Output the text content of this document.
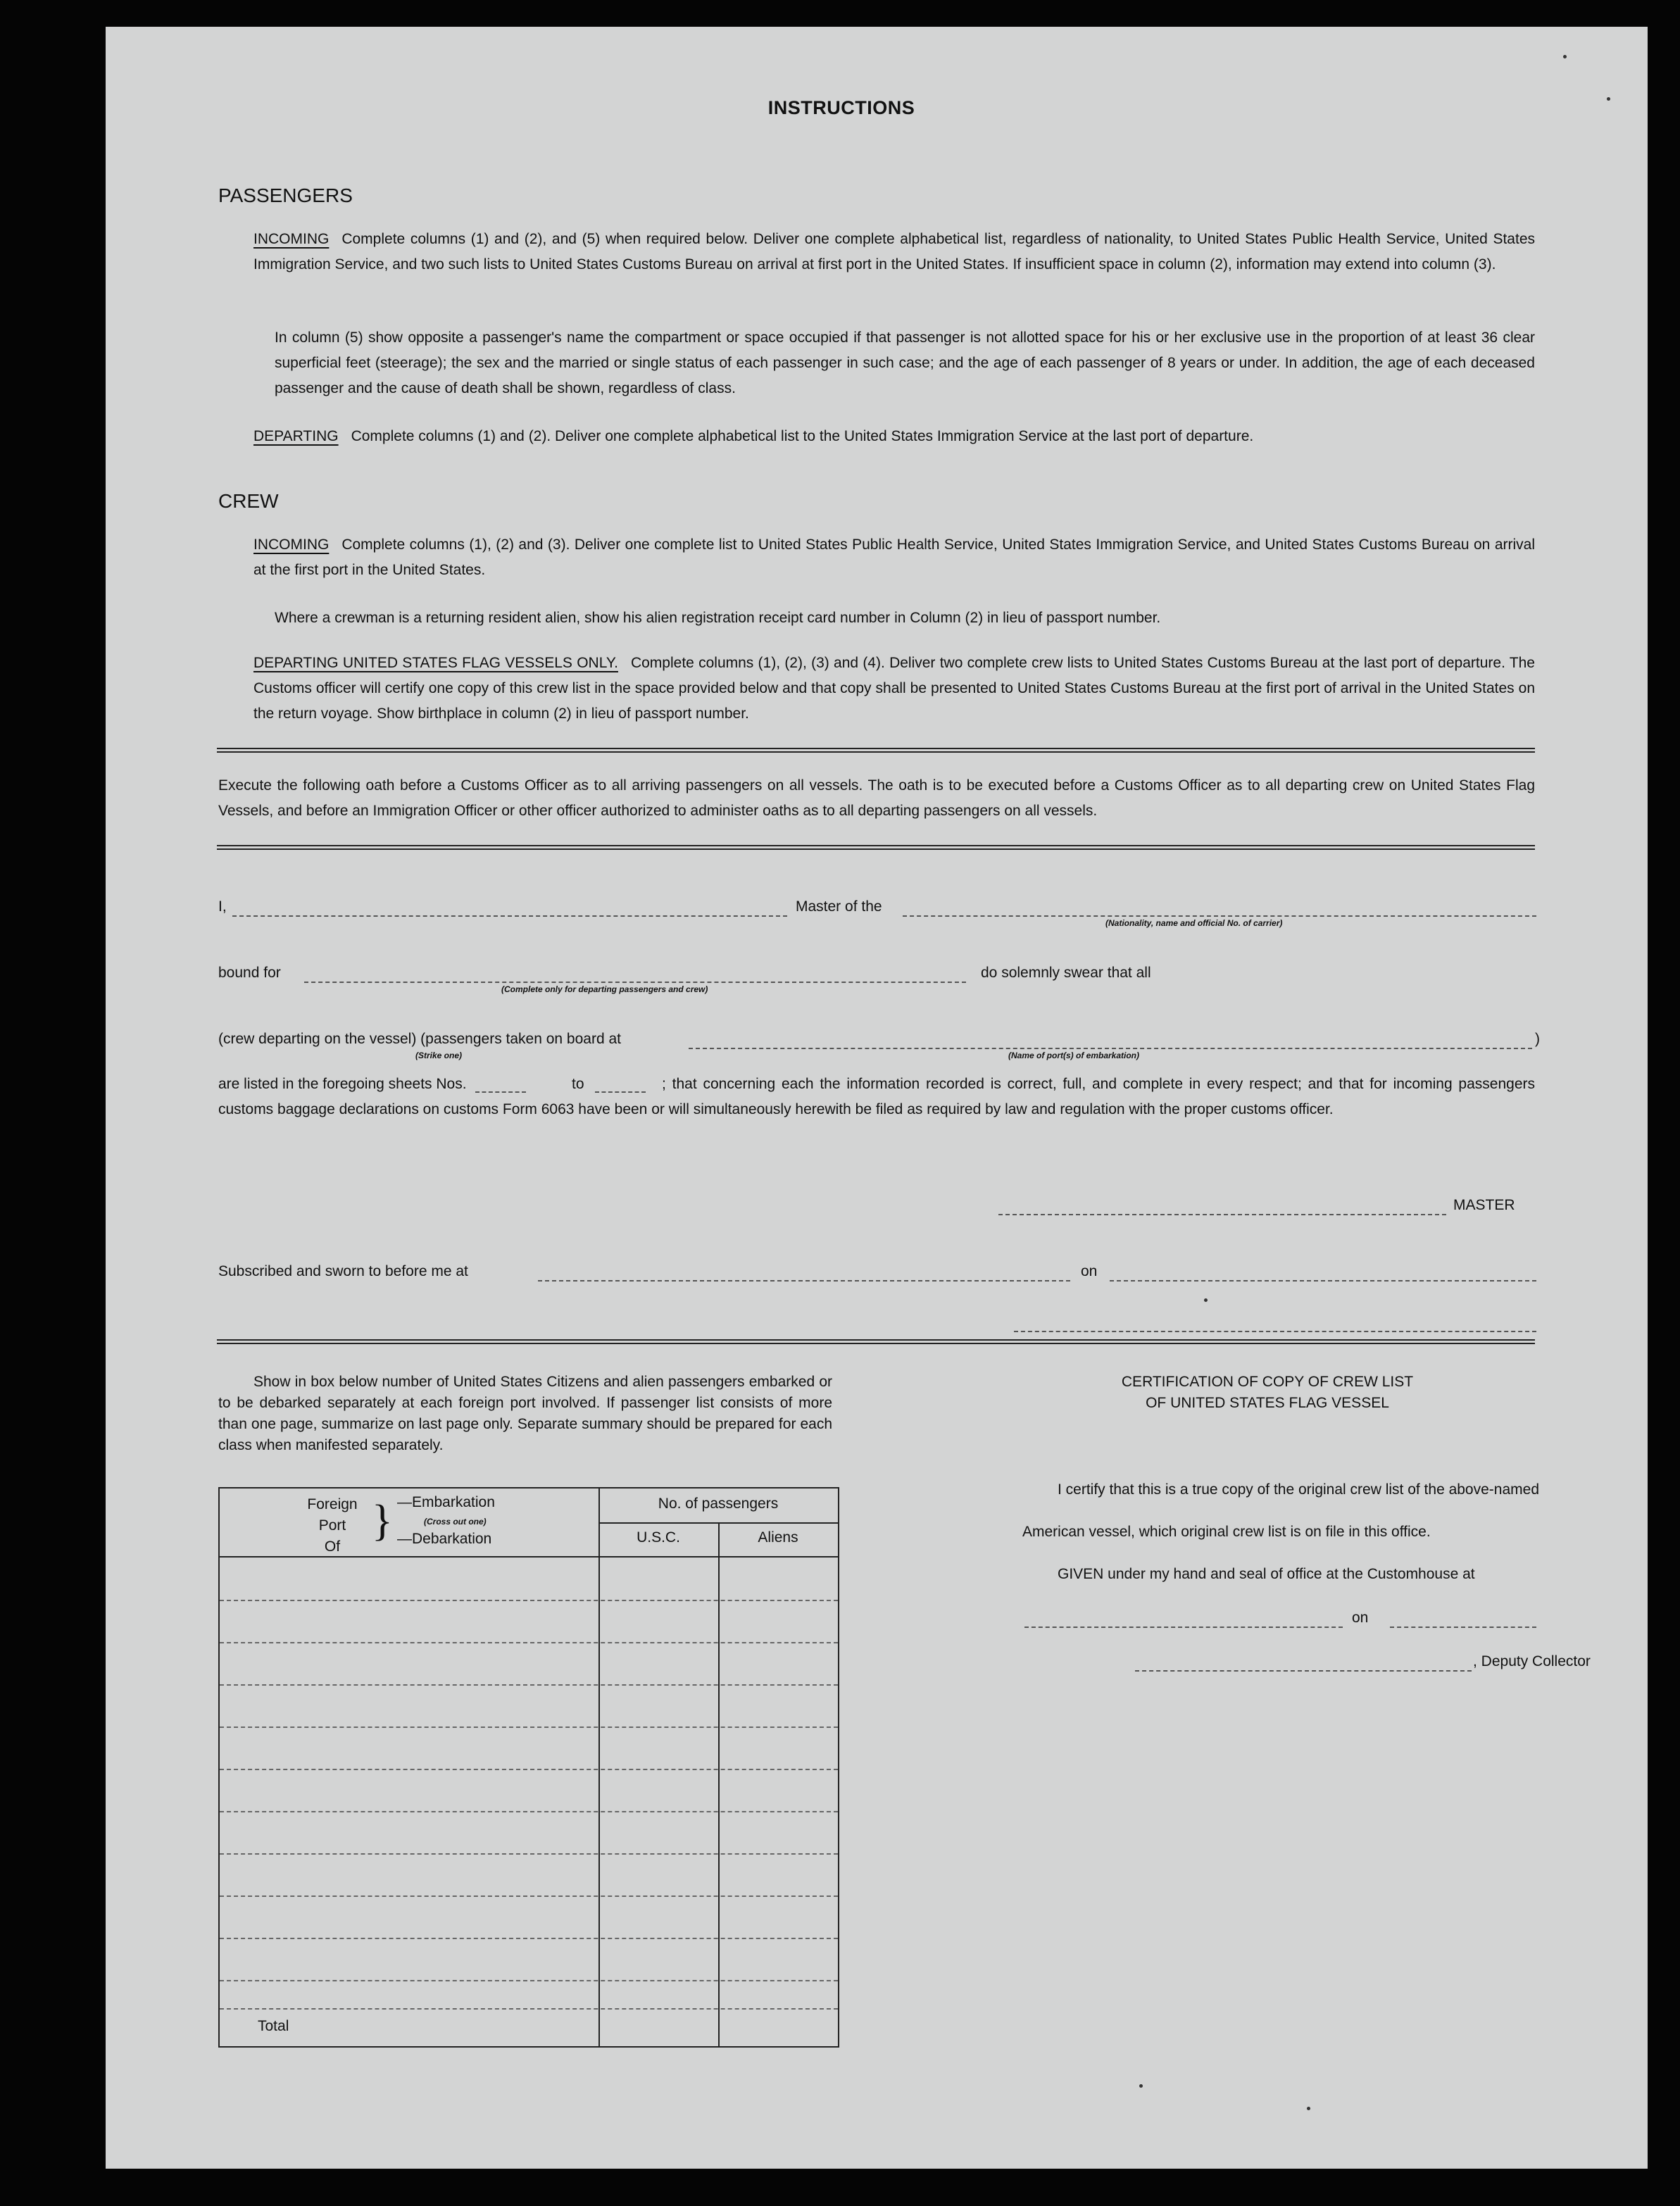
INSTRUCTIONS
PASSENGERS
INCOMING Complete columns (1) and (2), and (5) when required below. Deliver one complete alphabetical list, regardless of nationality, to United States Public Health Service, United States Immigration Service, and two such lists to United States Customs Bureau on arrival at first port in the United States. If insufficient space in column (2), information may extend into column (3).
In column (5) show opposite a passenger's name the compartment or space occupied if that passenger is not allotted space for his or her exclusive use in the proportion of at least 36 clear superficial feet (steerage); the sex and the married or single status of each passenger in such case; and the age of each passenger of 8 years or under. In addition, the age of each deceased passenger and the cause of death shall be shown, regardless of class.
DEPARTING Complete columns (1) and (2). Deliver one complete alphabetical list to the United States Immigration Service at the last port of departure.
CREW
INCOMING Complete columns (1), (2) and (3). Deliver one complete list to United States Public Health Service, United States Immigration Service, and United States Customs Bureau on arrival at the first port in the United States.
Where a crewman is a returning resident alien, show his alien registration receipt card number in Column (2) in lieu of passport number.
DEPARTING UNITED STATES FLAG VESSELS ONLY. Complete columns (1), (2), (3) and (4). Deliver two complete crew lists to United States Customs Bureau at the last port of departure. The Customs officer will certify one copy of this crew list in the space provided below and that copy shall be presented to United States Customs Bureau at the first port of arrival in the United States on the return voyage. Show birthplace in column (2) in lieu of passport number.
Execute the following oath before a Customs Officer as to all arriving passengers on all vessels. The oath is to be executed before a Customs Officer as to all departing crew on United States Flag Vessels, and before an Immigration Officer or other officer authorized to administer oaths as to all departing passengers on all vessels.
I,	Master of the
(Nationality, name and official No. of carrier)
bound for	do solemnly swear that all
(Complete only for departing passengers and crew)
(crew departing on the vessel) (passengers taken on board at	)
(Strike one)	(Name of port(s) of embarkation)
are listed in the foregoing sheets Nos.	to	; that concerning each the information recorded is correct, full, and complete in every respect; and that for incoming passengers customs baggage declarations on customs Form 6063 have been or will simultaneously herewith be filed as required by law and regulation with the proper customs officer.
MASTER
Subscribed and sworn to before me at	on
Show in box below number of United States Citizens and alien passengers embarked or to be debarked separately at each foreign port involved. If passenger list consists of more than one page, summarize on last page only. Separate summary should be prepared for each class when manifested separately.
Foreign
Port
Of
} —Embarkation
(Cross out one)
—Debarkation
No. of passengers
U.S.C.	Aliens
Total
CERTIFICATION OF COPY OF CREW LIST
OF UNITED STATES FLAG VESSEL
I certify that this is a true copy of the original crew list of the above-named
American vessel, which original crew list is on file in this office.
GIVEN under my hand and seal of office at the Customhouse at
on
, Deputy Collector
